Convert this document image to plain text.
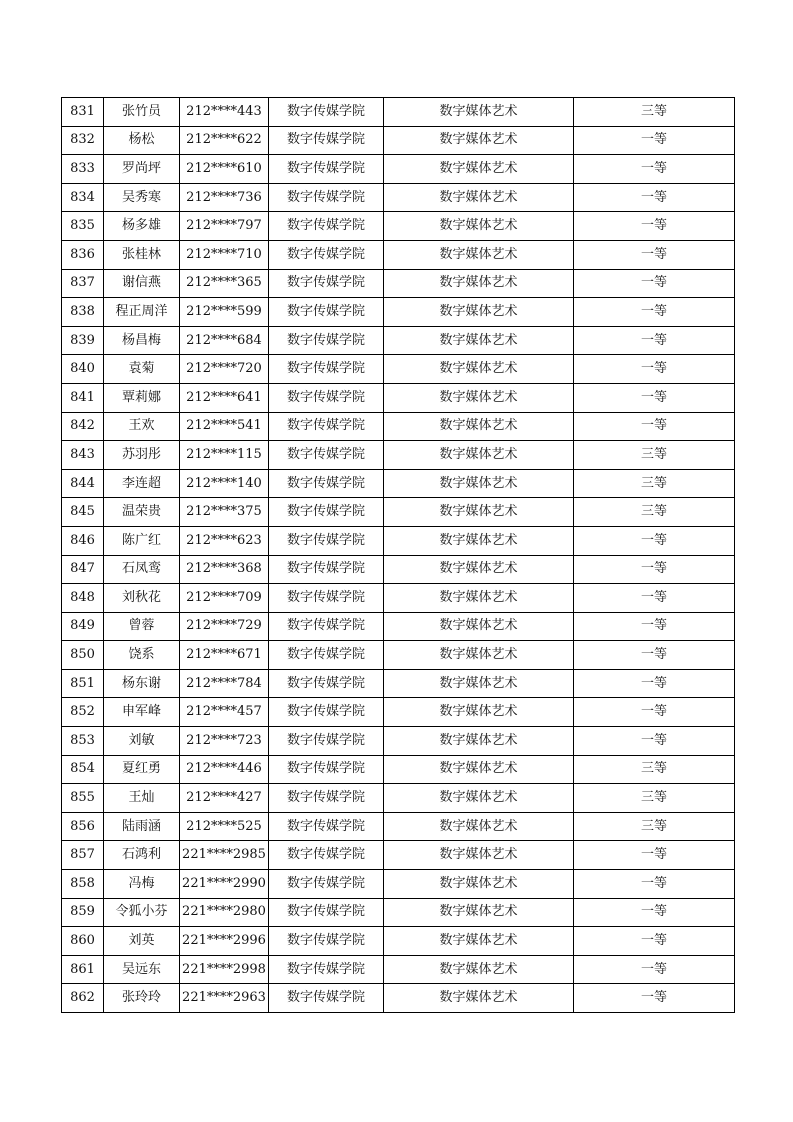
831	张竹员	212****443	数字传媒学院	数字媒体艺术	三等
832	杨松	212****622	数字传媒学院	数字媒体艺术	一等
833	罗尚坪	212****610	数字传媒学院	数字媒体艺术	一等
834	吴秀寒	212****736	数字传媒学院	数字媒体艺术	一等
835	杨多雄	212****797	数字传媒学院	数字媒体艺术	一等
836	张桂林	212****710	数字传媒学院	数字媒体艺术	一等
837	谢信燕	212****365	数字传媒学院	数字媒体艺术	一等
838	程正周洋	212****599	数字传媒学院	数字媒体艺术	一等
839	杨昌梅	212****684	数字传媒学院	数字媒体艺术	一等
840	袁菊	212****720	数字传媒学院	数字媒体艺术	一等
841	覃莉娜	212****641	数字传媒学院	数字媒体艺术	一等
842	王欢	212****541	数字传媒学院	数字媒体艺术	一等
843	苏羽彤	212****115	数字传媒学院	数字媒体艺术	三等
844	李连超	212****140	数字传媒学院	数字媒体艺术	三等
845	温荣贵	212****375	数字传媒学院	数字媒体艺术	三等
846	陈广红	212****623	数字传媒学院	数字媒体艺术	一等
847	石凤鸾	212****368	数字传媒学院	数字媒体艺术	一等
848	刘秋花	212****709	数字传媒学院	数字媒体艺术	一等
849	曾蓉	212****729	数字传媒学院	数字媒体艺术	一等
850	饶系	212****671	数字传媒学院	数字媒体艺术	一等
851	杨东谢	212****784	数字传媒学院	数字媒体艺术	一等
852	申军峰	212****457	数字传媒学院	数字媒体艺术	一等
853	刘敏	212****723	数字传媒学院	数字媒体艺术	一等
854	夏红勇	212****446	数字传媒学院	数字媒体艺术	三等
855	王灿	212****427	数字传媒学院	数字媒体艺术	三等
856	陆雨涵	212****525	数字传媒学院	数字媒体艺术	三等
857	石鸿利	221****2985	数字传媒学院	数字媒体艺术	一等
858	冯梅	221****2990	数字传媒学院	数字媒体艺术	一等
859	令狐小芬	221****2980	数字传媒学院	数字媒体艺术	一等
860	刘英	221****2996	数字传媒学院	数字媒体艺术	一等
861	吴远东	221****2998	数字传媒学院	数字媒体艺术	一等
862	张玲玲	221****2963	数字传媒学院	数字媒体艺术	一等
